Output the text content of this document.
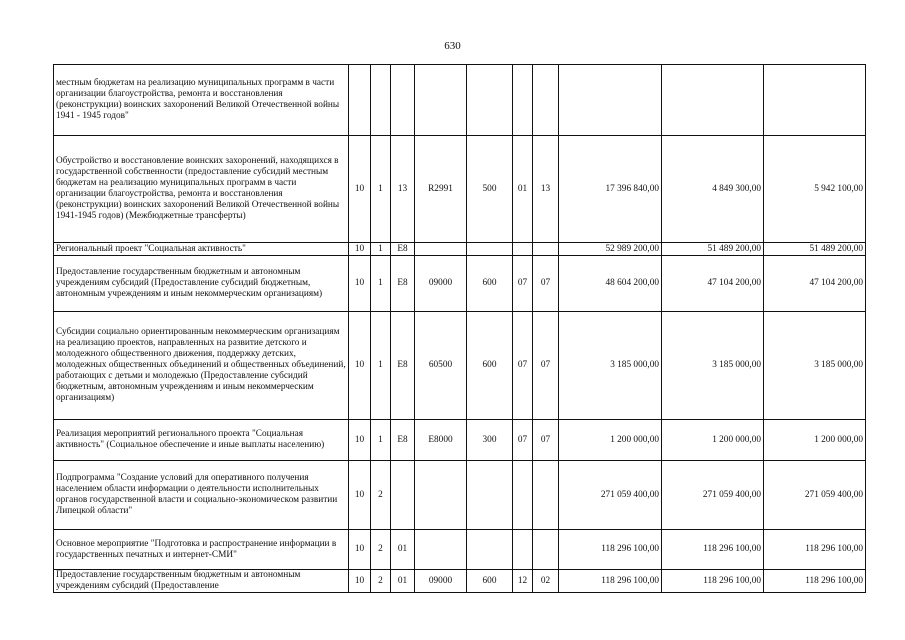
630
местным бюджетам на реализацию муниципальных программ в части организации благоустройства, ремонта и восстановления (реконструкции) воинских захоронений Великой Отечественной войны 1941 - 1945 годов"										
Обустройство и восстановление воинских захоронений, находящихся в государственной собственности (предоставление субсидий местным бюджетам на реализацию муниципальных программ в части организации благоустройства, ремонта и восстановления (реконструкции) воинских захоронений Великой Отечественной войны 1941-1945 годов) (Межбюджетные трансферты)	10	1	13	R2991	500	01	13	17 396 840,00	4 849 300,00	5 942 100,00
Региональный проект "Социальная активность"	10	1	E8					52 989 200,00	51 489 200,00	51 489 200,00
Предоставление государственным бюджетным и автономным учреждениям субсидий (Предоставление субсидий бюджетным, автономным учреждениям и иным некоммерческим организациям)	10	1	E8	09000	600	07	07	48 604 200,00	47 104 200,00	47 104 200,00
Субсидии социально ориентированным некоммерческим организациям на реализацию проектов, направленных на развитие детского и молодежного общественного движения, поддержку детских, молодежных общественных объединений и общественных объединений, работающих с детьми и молодежью (Предоставление субсидий бюджетным, автономным учреждениям и иным некоммерческим организациям)	10	1	E8	60500	600	07	07	3 185 000,00	3 185 000,00	3 185 000,00
Реализация мероприятий регионального проекта "Социальная активность" (Социальное обеспечение и иные выплаты населению)	10	1	E8	E8000	300	07	07	1 200 000,00	1 200 000,00	1 200 000,00
Подпрограмма "Создание условий для оперативного получения населением области информации о деятельности исполнительных органов государственной власти и социально-экономическом развитии Липецкой области"	10	2						271 059 400,00	271 059 400,00	271 059 400,00
Основное мероприятие "Подготовка и распространение информации в государственных печатных и интернет-СМИ"	10	2	01					118 296 100,00	118 296 100,00	118 296 100,00
Предоставление государственным бюджетным и автономным учреждениям субсидий (Предоставление	10	2	01	09000	600	12	02	118 296 100,00	118 296 100,00	118 296 100,00
